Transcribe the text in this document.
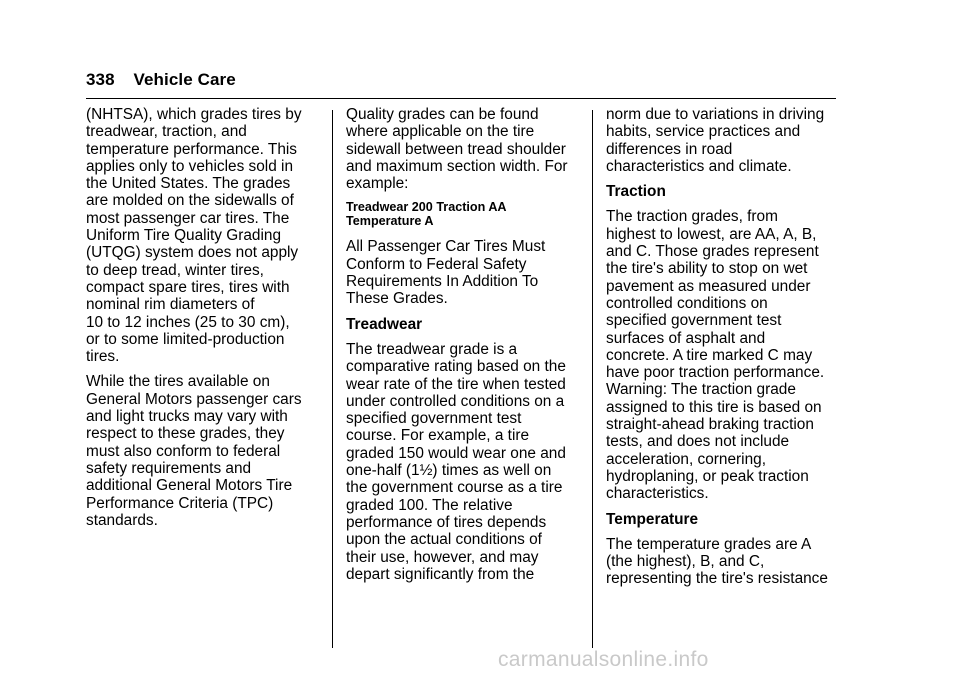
338 Vehicle Care
(NHTSA), which grades tires by
treadwear, traction, and
temperature performance. This
applies only to vehicles sold in
the United States. The grades
are molded on the sidewalls of
most passenger car tires. The
Uniform Tire Quality Grading
(UTQG) system does not apply
to deep tread, winter tires,
compact spare tires, tires with
nominal rim diameters of
10 to 12 inches (25 to 30 cm),
or to some limited-production
tires.
While the tires available on
General Motors passenger cars
and light trucks may vary with
respect to these grades, they
must also conform to federal
safety requirements and
additional General Motors Tire
Performance Criteria (TPC)
standards.
Quality grades can be found
where applicable on the tire
sidewall between tread shoulder
and maximum section width. For
example:
Treadwear 200 Traction AA
Temperature A
All Passenger Car Tires Must
Conform to Federal Safety
Requirements In Addition To
These Grades.
Treadwear
The treadwear grade is a
comparative rating based on the
wear rate of the tire when tested
under controlled conditions on a
specified government test
course. For example, a tire
graded 150 would wear one and
one-half (1½) times as well on
the government course as a tire
graded 100. The relative
performance of tires depends
upon the actual conditions of
their use, however, and may
depart significantly from the
norm due to variations in driving
habits, service practices and
differences in road
characteristics and climate.
Traction
The traction grades, from
highest to lowest, are AA, A, B,
and C. Those grades represent
the tire's ability to stop on wet
pavement as measured under
controlled conditions on
specified government test
surfaces of asphalt and
concrete. A tire marked C may
have poor traction performance.
Warning: The traction grade
assigned to this tire is based on
straight-ahead braking traction
tests, and does not include
acceleration, cornering,
hydroplaning, or peak traction
characteristics.
Temperature
The temperature grades are A
(the highest), B, and C,
representing the tire's resistance
carmanualsonline.info
